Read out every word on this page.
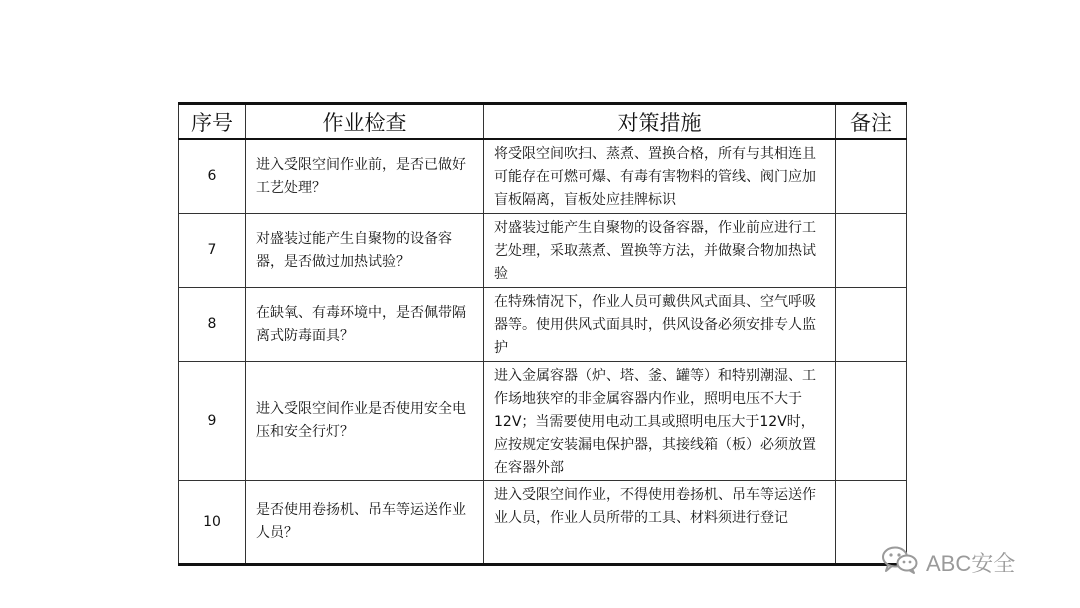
序号	作业检查	对策措施	备注
6	进入受限空间作业前，是否已做好工艺处理？	将受限空间吹扫、蒸煮、置换合格，所有与其相连且可能存在可燃可爆、有毒有害物料的管线、阀门应加盲板隔离，盲板处应挂牌标识	
7	对盛装过能产生自聚物的设备容器，是否做过加热试验？	对盛装过能产生自聚物的设备容器，作业前应进行工艺处理，采取蒸煮、置换等方法，并做聚合物加热试验	
8	在缺氧、有毒环境中，是否佩带隔离式防毒面具？	在特殊情况下，作业人员可戴供风式面具、空气呼吸器等。使用供风式面具时，供风设备必须安排专人监护	
9	进入受限空间作业是否使用安全电压和安全行灯？	进入金属容器（炉、塔、釜、罐等）和特别潮湿、工作场地狭窄的非金属容器内作业，照明电压不大于12V；当需要使用电动工具或照明电压大于12V时，应按规定安装漏电保护器，其接线箱（板）必须放置在容器外部	
10	是否使用卷扬机、吊车等运送作业人员？	进入受限空间作业，不得使用卷扬机、吊车等运送作业人员，作业人员所带的工具、材料须进行登记	
ABC安全
